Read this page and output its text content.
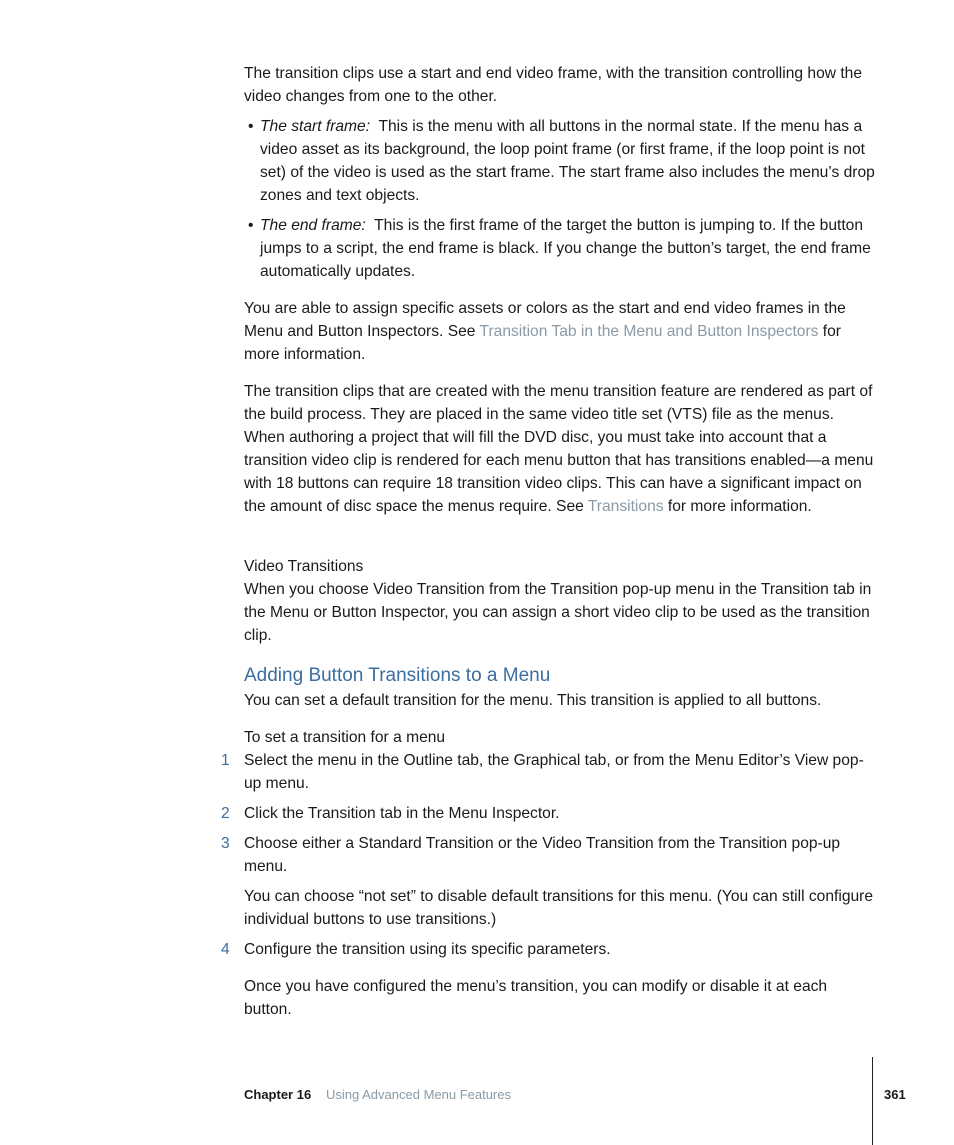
The transition clips use a start and end video frame, with the transition controlling how the video changes from one to the other.

• The start frame: This is the menu with all buttons in the normal state. If the menu has a video asset as its background, the loop point frame (or first frame, if the loop point is not set) of the video is used as the start frame. The start frame also includes the menu’s drop zones and text objects.

• The end frame: This is the first frame of the target the button is jumping to. If the button jumps to a script, the end frame is black. If you change the button’s target, the end frame automatically updates.

You are able to assign specific assets or colors as the start and end video frames in the Menu and Button Inspectors. See Transition Tab in the Menu and Button Inspectors for more information.

The transition clips that are created with the menu transition feature are rendered as part of the build process. They are placed in the same video title set (VTS) file as the menus. When authoring a project that will fill the DVD disc, you must take into account that a transition video clip is rendered for each menu button that has transitions enabled—a menu with 18 buttons can require 18 transition video clips. This can have a significant impact on the amount of disc space the menus require. See Transitions for more information.

Video Transitions

When you choose Video Transition from the Transition pop-up menu in the Transition tab in the Menu or Button Inspector, you can assign a short video clip to be used as the transition clip.

Adding Button Transitions to a Menu

You can set a default transition for the menu. This transition is applied to all buttons.

To set a transition for a menu
1 Select the menu in the Outline tab, the Graphical tab, or from the Menu Editor’s View pop-up menu.

2 Click the Transition tab in the Menu Inspector.

3 Choose either a Standard Transition or the Video Transition from the Transition pop-up menu.

You can choose “not set” to disable default transitions for this menu. (You can still configure individual buttons to use transitions.)

4 Configure the transition using its specific parameters.

Once you have configured the menu’s transition, you can modify or disable it at each button.

Chapter 16 Using Advanced Menu Features	361
